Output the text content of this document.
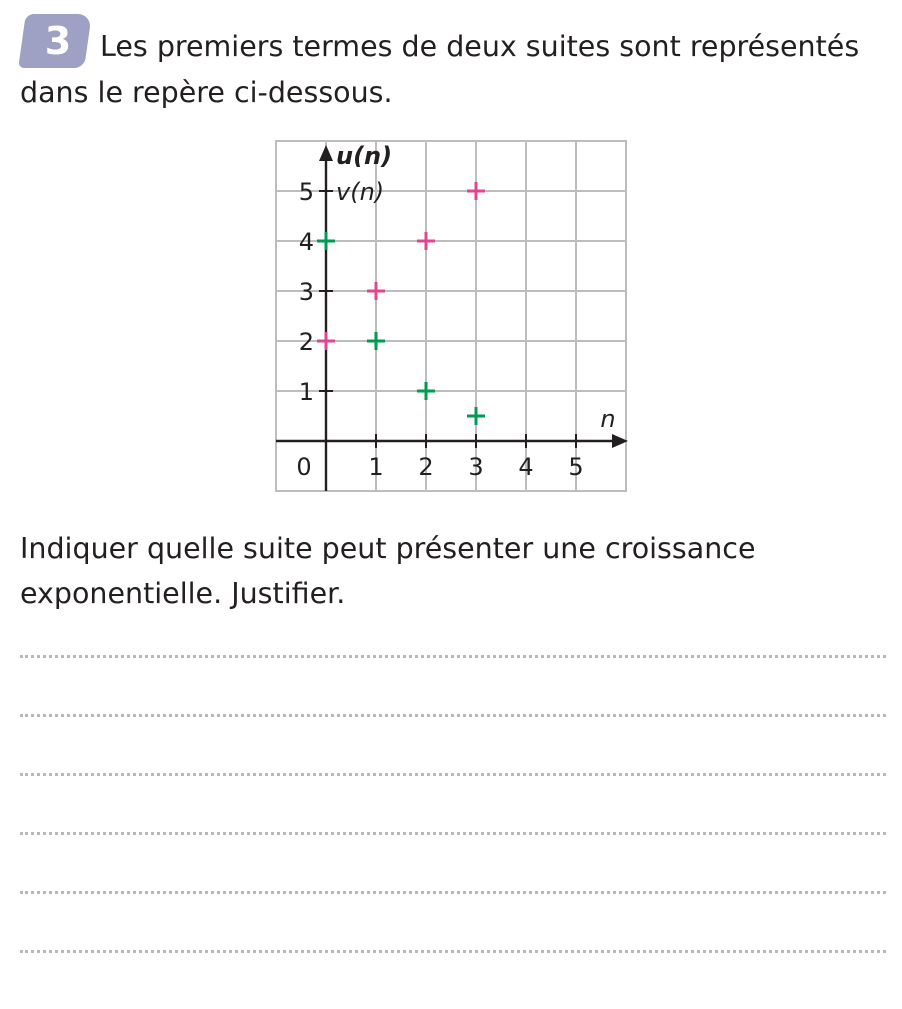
3	Les premiers termes de deux suites sont représentés dans le repère ci-dessous.

1 2 3 4 5
1
2
3
4
5
0
n
u(n)
v(n)

Indiquer quelle suite peut présenter une croissance exponentielle. Justifier.
